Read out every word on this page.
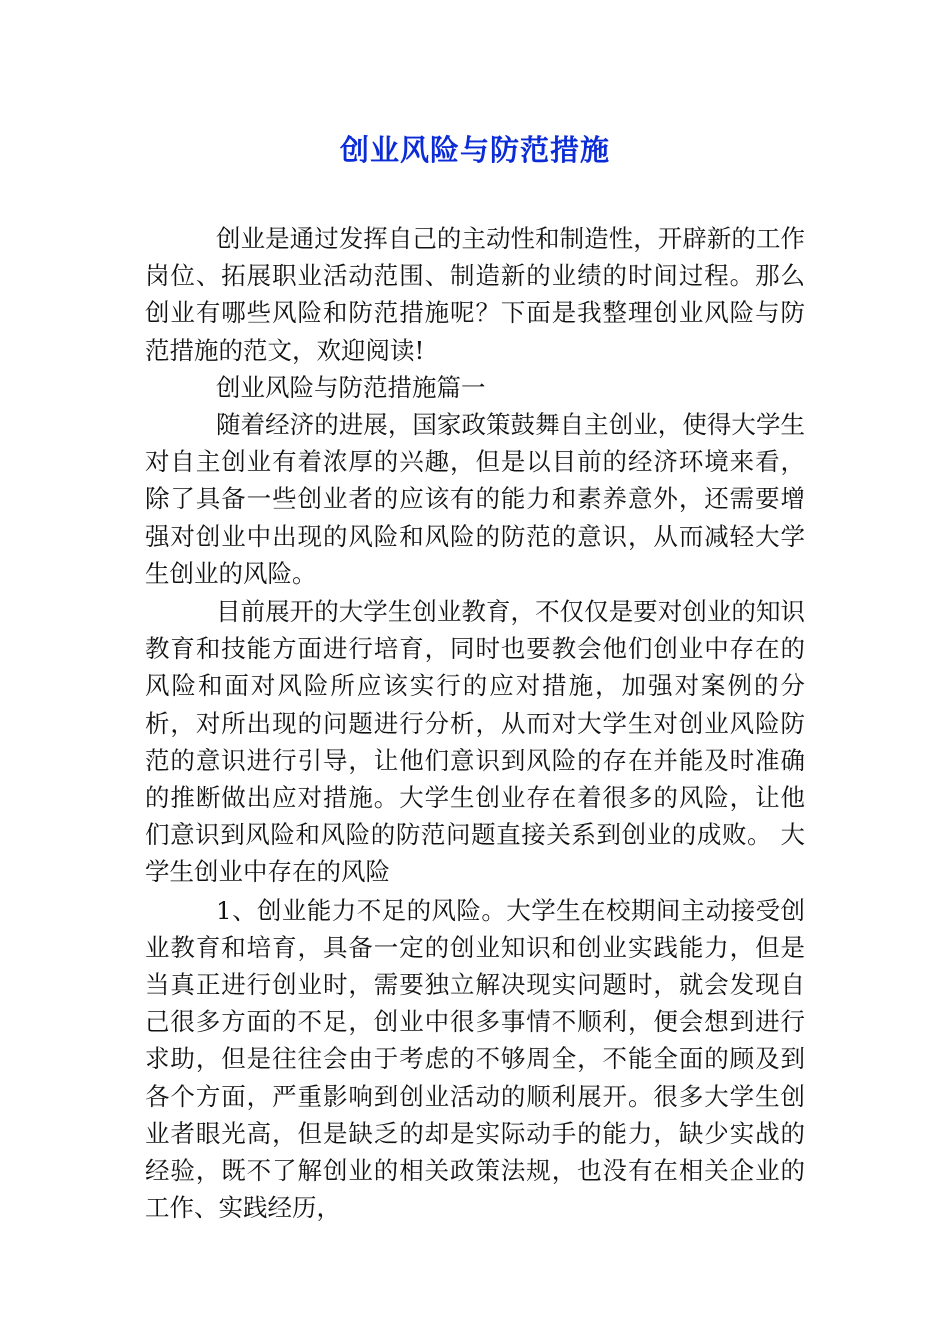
创业风险与防范措施

创业是通过发挥自己的主动性和制造性，开辟新的工作岗位、拓展职业活动范围、制造新的业绩的时间过程。那么创业有哪些风险和防范措施呢？下面是我整理创业风险与防范措施的范文，欢迎阅读!

创业风险与防范措施篇一

随着经济的进展，国家政策鼓舞自主创业，使得大学生对自主创业有着浓厚的兴趣，但是以目前的经济环境来看，除了具备一些创业者的应该有的能力和素养意外，还需要增强对创业中出现的风险和风险的防范的意识，从而减轻大学生创业的风险。

目前展开的大学生创业教育，不仅仅是要对创业的知识教育和技能方面进行培育，同时也要教会他们创业中存在的风险和面对风险所应该实行的应对措施，加强对案例的分析，对所出现的问题进行分析，从而对大学生对创业风险防范的意识进行引导，让他们意识到风险的存在并能及时准确的推断做出应对措施。大学生创业存在着很多的风险，让他们意识到风险和风险的防范问题直接关系到创业的成败。 大学生创业中存在的风险

1、创业能力不足的风险。大学生在校期间主动接受创业教育和培育，具备一定的创业知识和创业实践能力，但是当真正进行创业时，需要独立解决现实问题时，就会发现自己很多方面的不足，创业中很多事情不顺利，便会想到进行求助，但是往往会由于考虑的不够周全，不能全面的顾及到各个方面，严重影响到创业活动的顺利展开。很多大学生创业者眼光高，但是缺乏的却是实际动手的能力，缺少实战的经验，既不了解创业的相关政策法规，也没有在相关企业的工作、实践经历，
